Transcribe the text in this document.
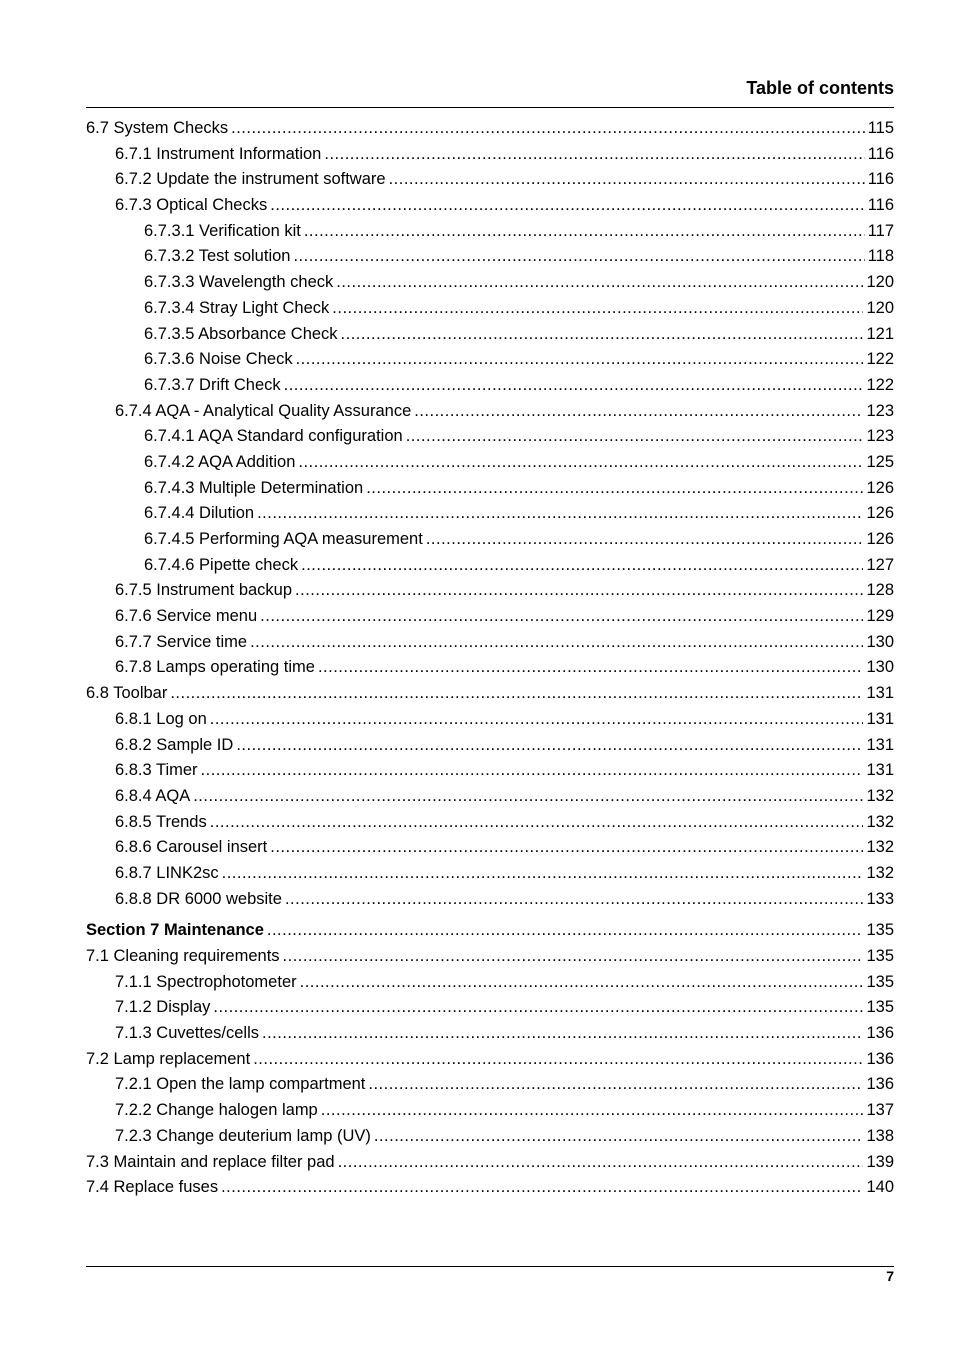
Table of contents
6.7 System Checks .....	115
6.7.1 Instrument Information .....	116
6.7.2 Update the instrument software .....	116
6.7.3 Optical Checks .....	116
6.7.3.1 Verification kit .....	117
6.7.3.2 Test solution .....	118
6.7.3.3 Wavelength check .....	120
6.7.3.4 Stray Light Check .....	120
6.7.3.5 Absorbance Check .....	121
6.7.3.6 Noise Check .....	122
6.7.3.7 Drift Check .....	122
6.7.4 AQA - Analytical Quality Assurance .....	123
6.7.4.1 AQA Standard configuration .....	123
6.7.4.2 AQA Addition .....	125
6.7.4.3 Multiple Determination .....	126
6.7.4.4 Dilution .....	126
6.7.4.5 Performing AQA measurement .....	126
6.7.4.6 Pipette check .....	127
6.7.5 Instrument backup .....	128
6.7.6 Service menu .....	129
6.7.7 Service time .....	130
6.7.8 Lamps operating time .....	130
6.8 Toolbar .....	131
6.8.1 Log on .....	131
6.8.2 Sample ID .....	131
6.8.3 Timer .....	131
6.8.4 AQA .....	132
6.8.5 Trends .....	132
6.8.6 Carousel insert .....	132
6.8.7 LINK2sc .....	132
6.8.8 DR 6000 website .....	133
Section 7 Maintenance .....	135
7.1 Cleaning requirements .....	135
7.1.1 Spectrophotometer .....	135
7.1.2 Display .....	135
7.1.3 Cuvettes/cells .....	136
7.2 Lamp replacement .....	136
7.2.1 Open the lamp compartment .....	136
7.2.2 Change halogen lamp .....	137
7.2.3 Change deuterium lamp (UV) .....	138
7.3 Maintain and replace filter pad .....	139
7.4 Replace fuses .....	140
7
